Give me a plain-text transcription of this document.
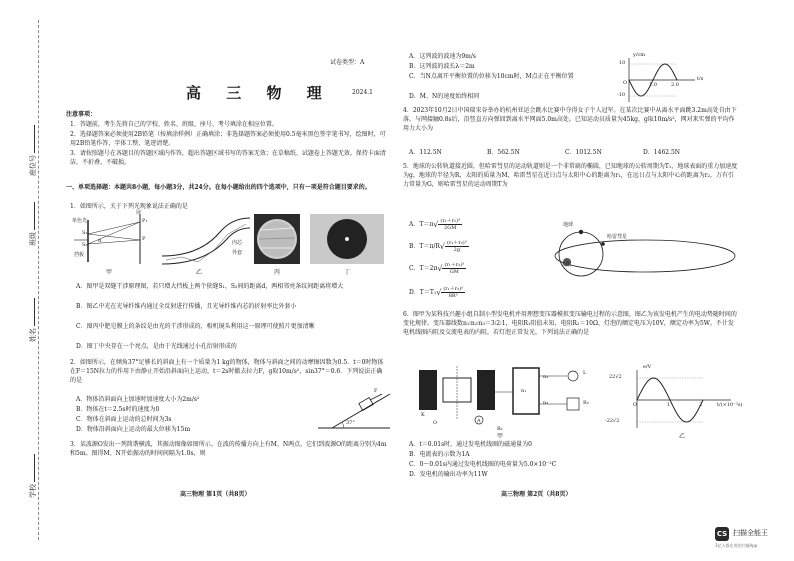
学校
姓名
班级
座位号
试卷类型：A
高 三 物 理	2024.1
注意事项：
1．答题前，考生先将自己的学校、姓名、班级、座号、考号填涂在相应位置。
2．选择题答案必须使用2B铅笔（按填涂样例）正确填涂；非选择题答案必须使用0.5毫米黑色签字笔书写，绘图时，可用2B铅笔作答，字体工整、笔迹清楚。
3．请按照题号在各题目的答题区域内作答，超出答题区域书写的答案无效；在草稿纸、试题卷上答题无效。保持卡面清洁，不折叠、不破损。
一、单项选择题：本题共8小题，每小题3分，共24分。在每小题给出的四个选项中，只有一项是符合题目要求的。
1．如图所示，关于下列光现象说法正确的是
单色光
挡板
屏
S₁
S₂
d
P₁
P
内芯
外套
甲	乙	丙	丁
A．图甲是双缝干涉原理图，若只增大挡板上两个狭缝S₁、S₂间的距离d，两相邻亮条纹间距离将增大
B．图乙中光在光导纤维内通过全反射进行传播，且光导纤维内芯的折射率比外套小
C．图丙中肥皂膜上的条纹是由光的干涉形成的，相机镜头利用这一原理可使照片更加清晰
D．图丁中央存在一个亮点，是由于光线通过小孔衍射形成的
2．如图所示，在倾角37°足够长的斜面上有一个质量为1 kg的物体，物体与斜面之间的动摩擦因数为0.5．t＝0时物体在F＝15N拉力的作用下由静止开始沿斜面向上运动，t＝2s时撤去拉力F，g取10m/s²，sin37°＝0.6．下列说法正确的是
F
37°
A．物体沿斜面向上加速时加速度大小为2m/s²
B．物体在t＝2.5s时的速度为0
C．物体在斜面上运动的总时间为3s
D．物体沿斜面向上运动的最大位移为15m
3．某波源O发出一列简谐横波，其振动图像如图所示。在波的传播方向上有M、N两点，它们到波源O的距离分别为4m和5m。图得M、N开始振动的时间间隔为1.0s，则
高三物理 第1页（共8页）
A．这列波的波速为9m/s
B．这列波的波长λ＝2m
C．当N点离开平衡位置的位移为10cm时，M点正在平衡位置
D．M、N的速度始终相同
y/cm
t/s
10
-10
1.0	2.0
O
4．2023年10月2日中国瑞宋谷举办的杭州亚运会跳水比赛中夺得女子个人冠军。在某次比赛中从离水平面跳3.2m高处自由下落，与网接触0.8s后，沿竖直方向弹回到离水平网面5.0m高处。已知运动员质量为45kg，g取10m/s²，网对来实弹的平均作用力大小为
A．112.5N	B．562.5N	C．1012.5N	D．1462.5N
5．地球的公转轨道接近圆，但哈雷彗星的运动轨道则是一个非常扁的椭圆，已知地球的公转周期为T₁，地球表面的重力加速度为g，地球的半径为R，太阳的质量为M，哈雷彗星在近日点与太阳中心的距离为r₁，在远日点与太阳中心的距离为r₂，万有引力常量为G，则哈雷彗星的运动周期T为
A．$T=\pi√ \frac{\text{(r₁＋r₂)³}}{2GM}$
B．$T=\pi/R√ \frac{\text{(r₁＋r₂)³}}{2g}$
C．$T=2\pi√ \frac{\text{(r₁＋r₂)³}}{GM}$
D．$T=T_1√ \frac{\text{(r₁＋r₂)³}}{\text{8R³}}$
地球
哈雷彗星
太阳
6．图甲为某科技兴趣小组自制小型发电机并用理想变压器模拟变压输电过程的示意图，图乙为该发电机产生的电动势随时间的变化规律。变压器线数n₁∶n₂∶n₃＝3∶2∶1，电阻R₁阻值未知，电阻R₂＝10Ω，灯泡的额定电压为10V，额定功率为5W。不计发电机线圈内阻及交流电表的内阻，若灯泡正常发光，下列说法正确的是
O′
O
K
A
R₁
n₁
n₂
n₃
L
R₂
甲
e/V
22√2
-22√2
1	2	t/(×10⁻²s)
O
乙
A．t＝0.01s时，通过发电机线圈的磁通量为0
B．电流表的示数为1A
C．0～0.01s内通过发电机线圈的电荷量为5.0×10⁻²C
D．发电机的输出功率为11W
高三物理 第2页（共8页）
CS 扫描全能王
3亿人都在用的扫描App
